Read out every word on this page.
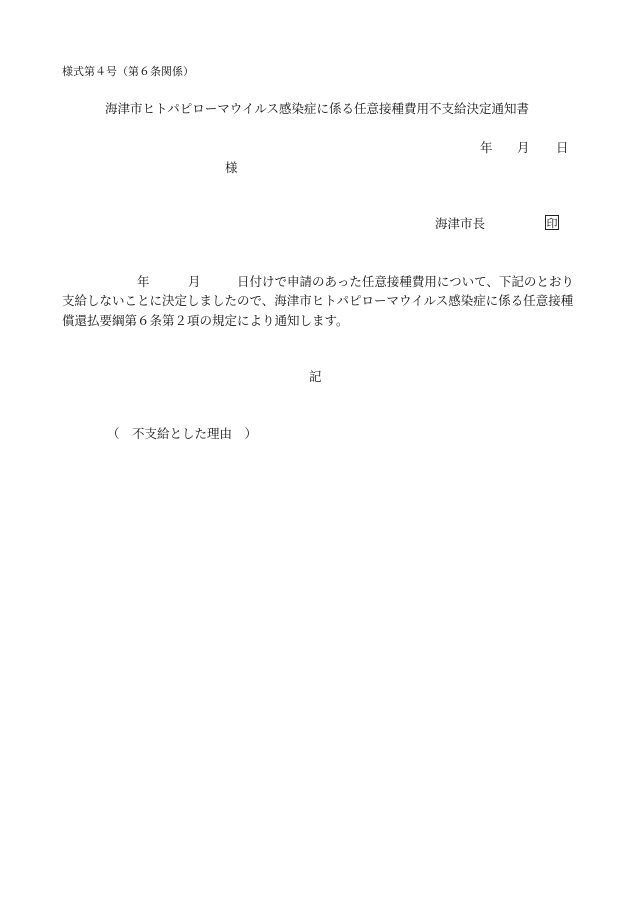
様式第４号（第６条関係）
海津市ヒトパピローマウイルス感染症に係る任意接種費用不支給決定通知書
年 月 日
様
海津市長	印
年	月	日付けで申請のあった任意接種費用について、下記のとおり
支給しないことに決定しましたので、海津市ヒトパピローマウイルス感染症に係る任意接種
償還払要綱第６条第２項の規定により通知します。
記
（　不支給とした理由　）
